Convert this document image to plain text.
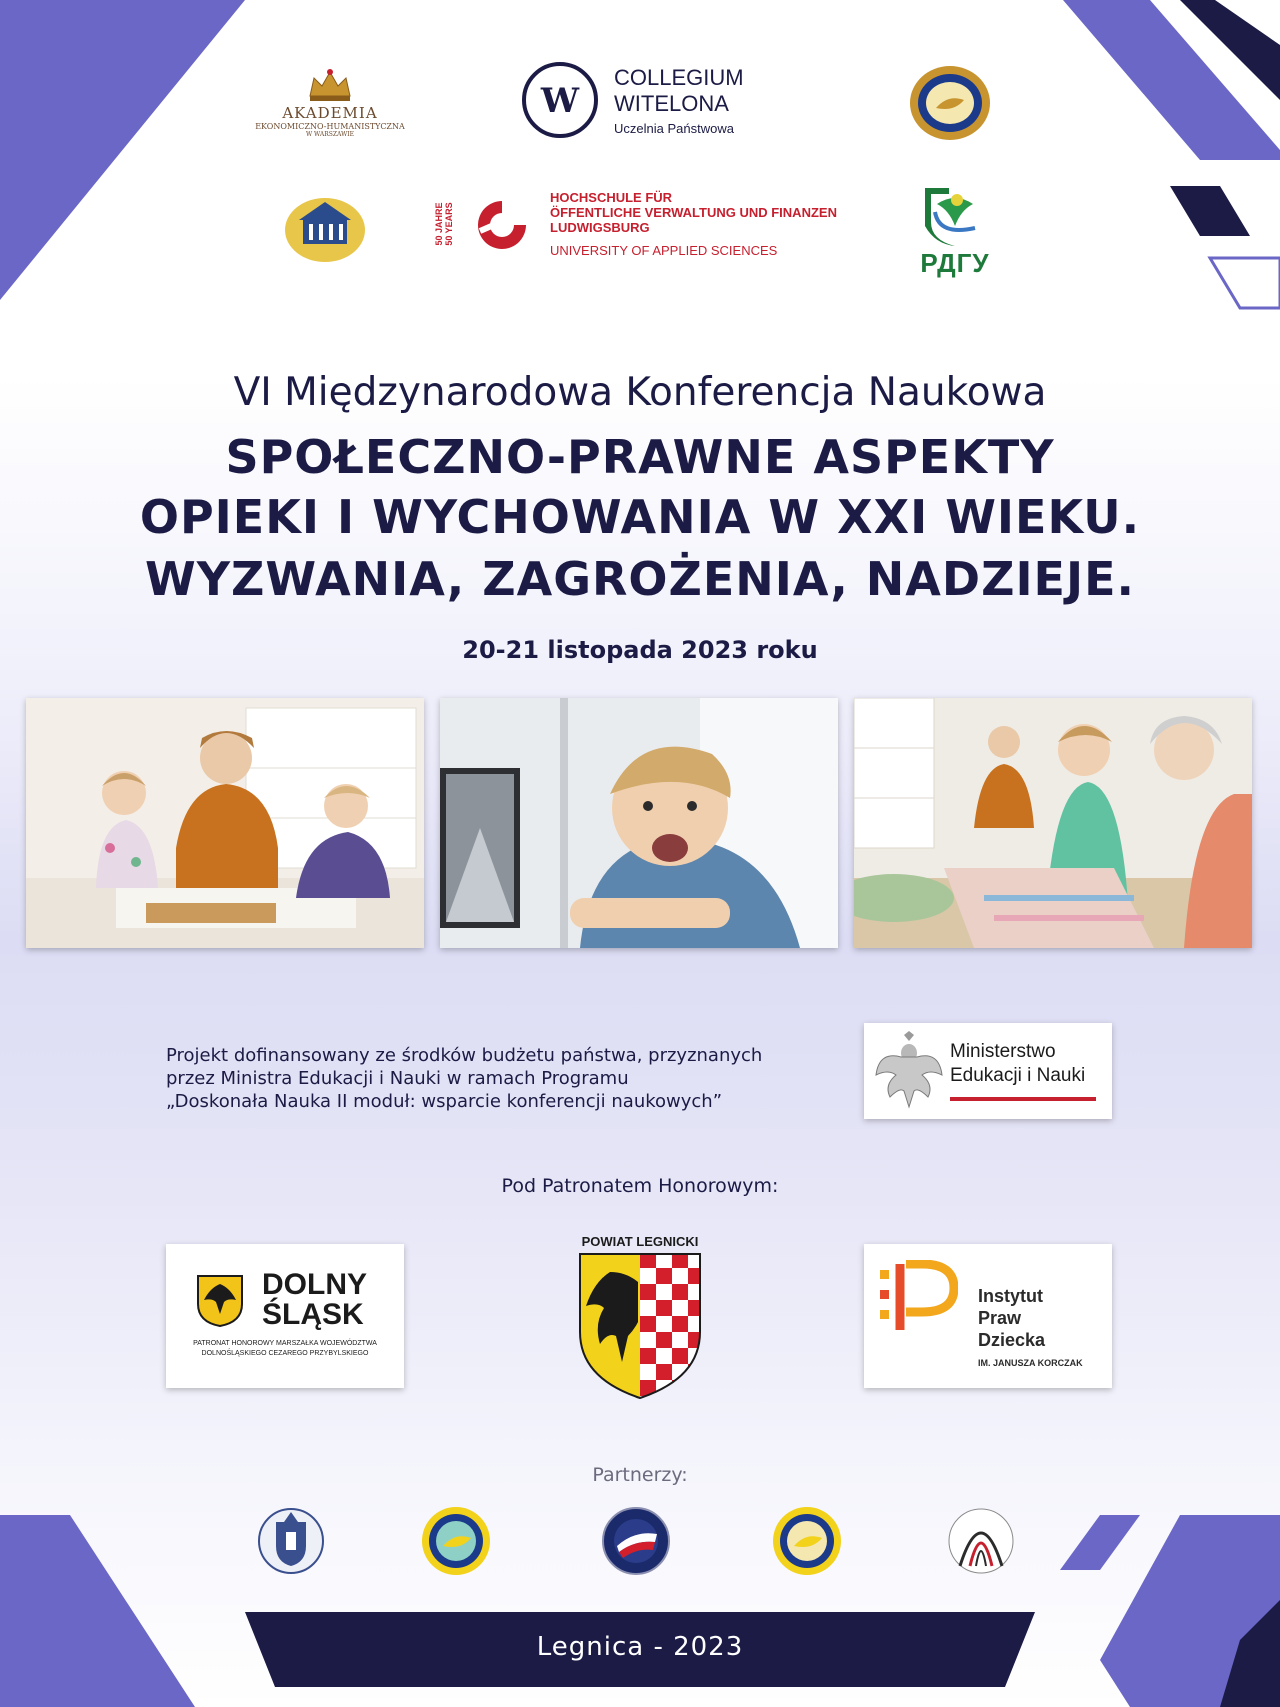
AKADEMIA
EKONOMICZNO-HUMANISTYCZNA
W WARSZAWIE
W
COLLEGIUM
WITELONA
Uczelnia Państwowa
50 JAHRE 50 YEARS
HOCHSCHULE FÜR
ÖFFENTLICHE VERWALTUNG UND FINANZEN
LUDWIGSBURG
UNIVERSITY OF APPLIED SCIENCES	РДГУ
VI Międzynarodowa Konferencja Naukowa
SPOŁECZNO-PRAWNE ASPEKTY
OPIEKI I WYCHOWANIA W XXI WIEKU.
WYZWANIA, ZAGROŻENIA, NADZIEJE.
20-21 listopada 2023 roku
Projekt dofinansowany ze środków budżetu państwa, przyznanych
przez Ministra Edukacji i Nauki w ramach Programu
„Doskonała Nauka II moduł: wsparcie konferencji naukowych”
Ministerstwo
Edukacji i Nauki
Pod Patronatem Honorowym:
DOLNY
ŚLĄSK
PATRONAT HONOROWY MARSZAŁKA WOJEWÓDZTWA
DOLNOŚLĄSKIEGO CEZAREGO PRZYBYLSKIEGO
POWIAT LEGNICKI
Instytut
Praw
Dziecka
IM. JANUSZA KORCZAK
Partnerzy:
Legnica - 2023
